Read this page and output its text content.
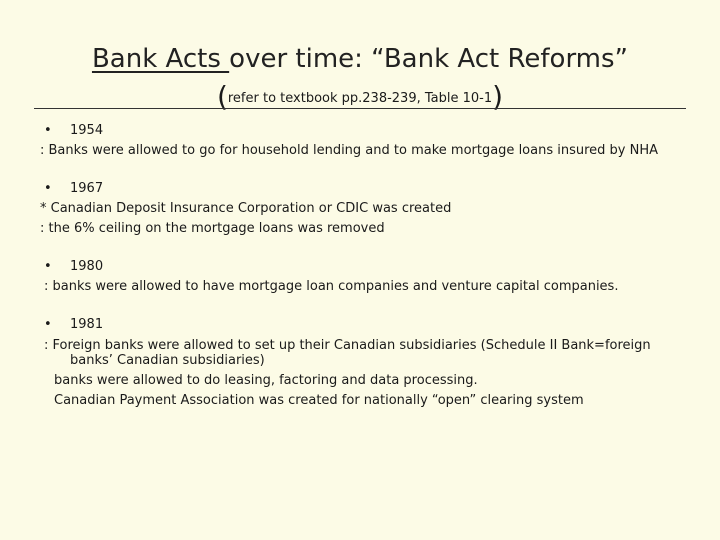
Bank Acts over time: “Bank Act Reforms”
(refer to textbook pp.238-239, Table 10-1)
• 1954
: Banks were allowed to go for household lending and to make mortgage loans insured by NHA
• 1967
* Canadian Deposit Insurance Corporation or CDIC was created
: the 6% ceiling on the mortgage loans was removed
• 1980
: banks were allowed to have mortgage loan companies and venture capital companies.
• 1981
: Foreign banks were allowed to set up their Canadian subsidiaries (Schedule II Bank=foreign
banks’ Canadian subsidiaries)
banks were allowed to do leasing, factoring and data processing.
Canadian Payment Association was created for nationally “open” clearing system
